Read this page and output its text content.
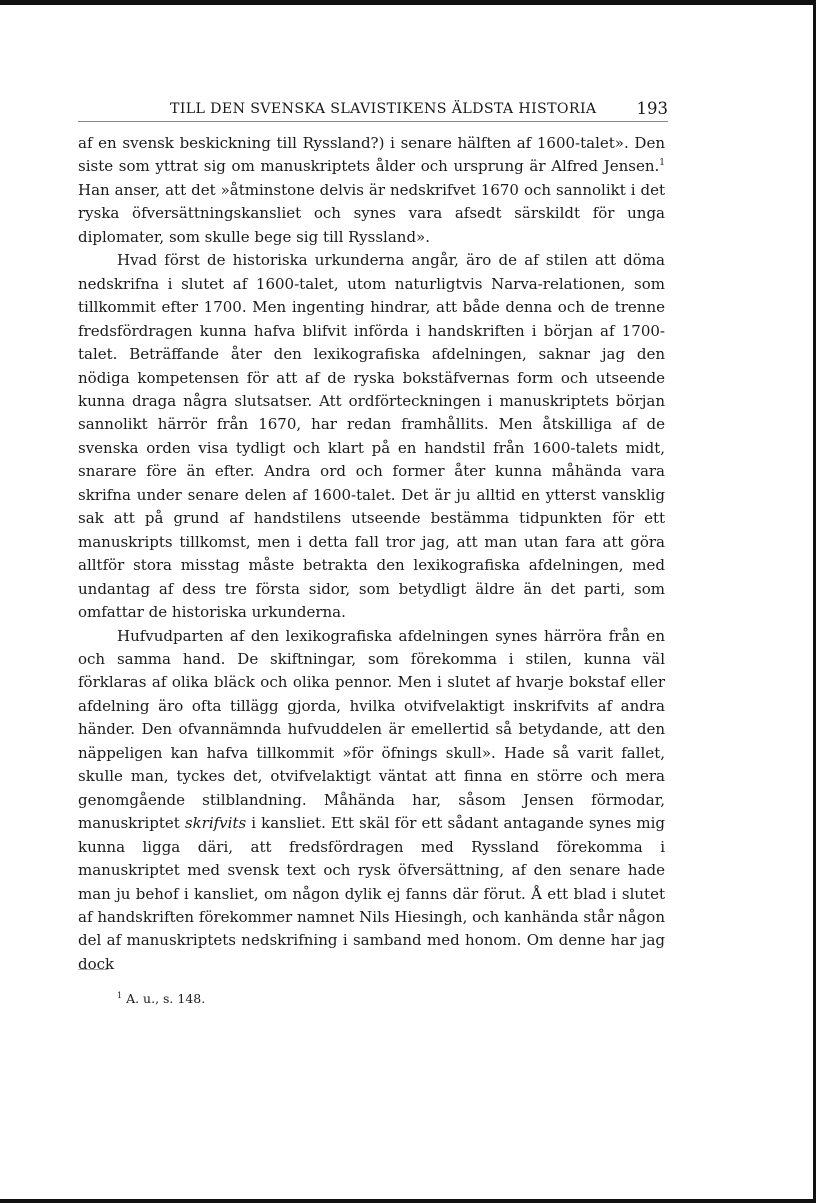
TILL DEN SVENSKA SLAVISTIKENS ÄLDSTA HISTORIA 193

af en svensk beskickning till Ryssland?) i senare hälften af 1600-talet». Den siste som yttrat sig om manuskriptets ålder och ursprung är Alfred Jensen.$^1$ Han anser, att det »åtminstone delvis är nedskrifvet 1670 och sannolikt i det ryska öfversättningskansliet och synes vara afsedt särskildt för unga diplomater, som skulle bege sig till Ryssland».

Hvad först de historiska urkunderna angår, äro de af stilen att döma nedskrifna i slutet af 1600-talet, utom naturligtvis Narva-relationen, som tillkommit efter 1700. Men ingenting hindrar, att både denna och de trenne fredsfördragen kunna hafva blifvit införda i handskriften i början af 1700-talet. Beträffande åter den lexikografiska afdelningen, saknar jag den nödiga kompetensen för att af de ryska bokstäfvernas form och utseende kunna draga några slutsatser. Att ordförteckningen i manuskriptets början sannolikt härrör från 1670, har redan framhållits. Men åtskilliga af de svenska orden visa tydligt och klart på en handstil från 1600-talets midt, snarare före än efter. Andra ord och former åter kunna måhända vara skrifna under senare delen af 1600-talet. Det är ju alltid en ytterst vansklig sak att på grund af handstilens utseende bestämma tidpunkten för ett manuskripts tillkomst, men i detta fall tror jag, att man utan fara att göra alltför stora misstag måste betrakta den lexikografiska afdelningen, med undantag af dess tre första sidor, som betydligt äldre än det parti, som omfattar de historiska urkunderna.

Hufvudparten af den lexikografiska afdelningen synes härröra från en och samma hand. De skiftningar, som förekomma i stilen, kunna väl förklaras af olika bläck och olika pennor. Men i slutet af hvarje bokstaf eller afdelning äro ofta tillägg gjorda, hvilka otvifvelaktigt inskrifvits af andra händer. Den ofvannämnda hufvuddelen är emellertid så betydande, att den näppeligen kan hafva tillkommit »för öfnings skull». Hade så varit fallet, skulle man, tyckes det, otvifvelaktigt väntat att finna en större och mera genomgående stilblandning. Måhända har, såsom Jensen förmodar, manuskriptet skrifvits i kansliet. Ett skäl för ett sådant antagande synes mig kunna ligga däri, att fredsfördragen med Ryssland förekomma i manuskriptet med svensk text och rysk öfversättning, af den senare hade man ju behof i kansliet, om någon dylik ej fanns där förut. Å ett blad i slutet af handskriften förekommer namnet Nils Hiesingh, och kanhända står någon del af manuskriptets nedskrifning i samband med honom. Om denne har jag dock

$^1$ A. u., s. 148.
